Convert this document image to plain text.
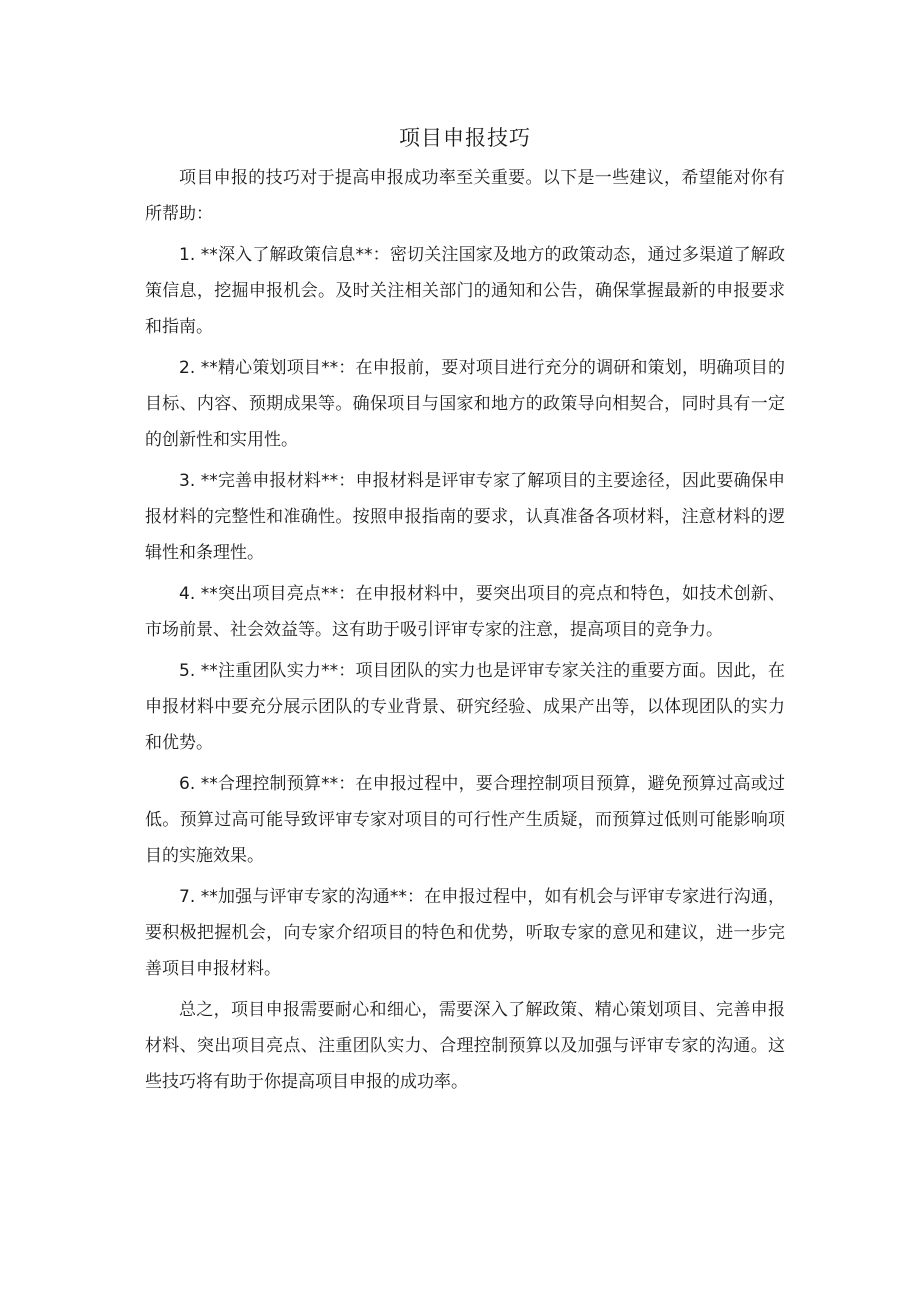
项目申报技巧

项目申报的技巧对于提高申报成功率至关重要。以下是一些建议，希望能对你有所帮助：

1. **深入了解政策信息**：密切关注国家及地方的政策动态，通过多渠道了解政策信息，挖掘申报机会。及时关注相关部门的通知和公告，确保掌握最新的申报要求和指南。

2. **精心策划项目**：在申报前，要对项目进行充分的调研和策划，明确项目的目标、内容、预期成果等。确保项目与国家和地方的政策导向相契合，同时具有一定的创新性和实用性。

3. **完善申报材料**：申报材料是评审专家了解项目的主要途径，因此要确保申报材料的完整性和准确性。按照申报指南的要求，认真准备各项材料，注意材料的逻辑性和条理性。

4. **突出项目亮点**：在申报材料中，要突出项目的亮点和特色，如技术创新、市场前景、社会效益等。这有助于吸引评审专家的注意，提高项目的竞争力。

5. **注重团队实力**：项目团队的实力也是评审专家关注的重要方面。因此，在申报材料中要充分展示团队的专业背景、研究经验、成果产出等，以体现团队的实力和优势。

6. **合理控制预算**：在申报过程中，要合理控制项目预算，避免预算过高或过低。预算过高可能导致评审专家对项目的可行性产生质疑，而预算过低则可能影响项目的实施效果。

7. **加强与评审专家的沟通**：在申报过程中，如有机会与评审专家进行沟通，要积极把握机会，向专家介绍项目的特色和优势，听取专家的意见和建议，进一步完善项目申报材料。

总之，项目申报需要耐心和细心，需要深入了解政策、精心策划项目、完善申报材料、突出项目亮点、注重团队实力、合理控制预算以及加强与评审专家的沟通。这些技巧将有助于你提高项目申报的成功率。
